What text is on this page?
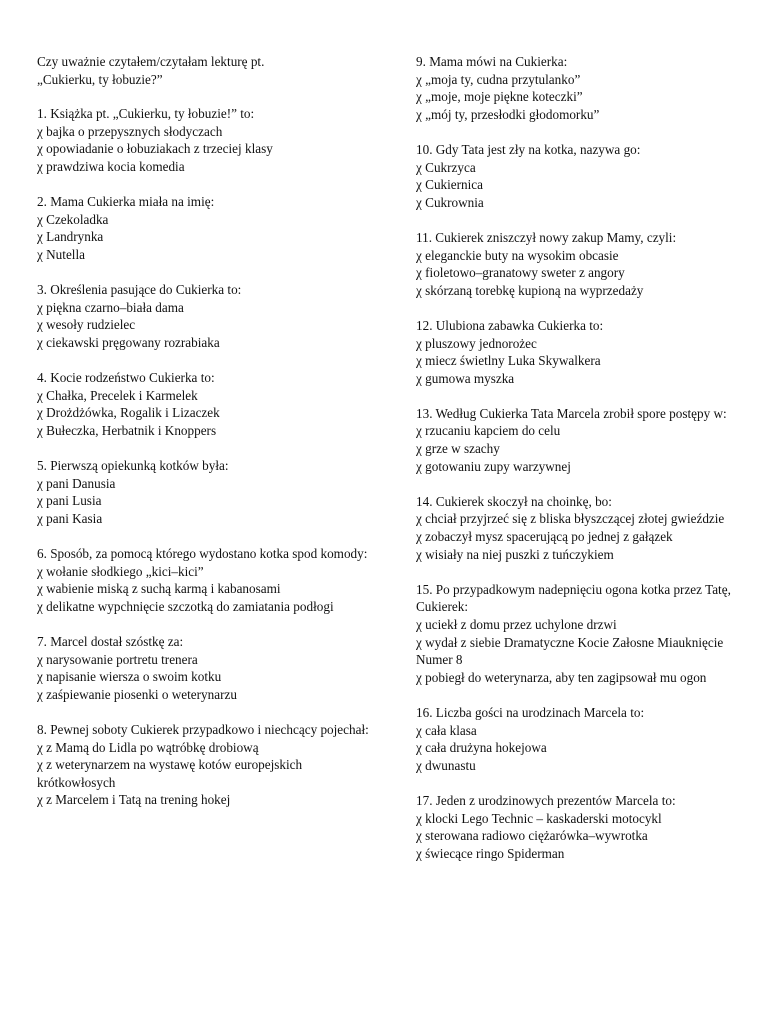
Czy uważnie czytałem/czytałam lekturę pt.
„Cukierku, ty łobuzie?”
1. Książka pt. „Cukierku, ty łobuzie!” to:
χ bajka o przepysznych słodyczach
χ opowiadanie o łobuziakach z trzeciej klasy
χ prawdziwa kocia komedia
2. Mama Cukierka miała na imię:
χ Czekoladka
χ Landrynka
χ Nutella
3. Określenia pasujące do Cukierka to:
χ piękna czarno–biała dama
χ wesoły rudzielec
χ ciekawski pręgowany rozrabiaka
4. Kocie rodzeństwo Cukierka to:
χ Chałka, Precelek i Karmelek
χ Drożdżówka, Rogalik i Lizaczek
χ Bułeczka, Herbatnik i Knoppers
5. Pierwszą opiekunką kotków była:
χ pani Danusia
χ pani Lusia
χ pani Kasia
6. Sposób, za pomocą którego wydostano kotka spod komody:
χ wołanie słodkiego „kici–kici”
χ wabienie miską z suchą karmą i kabanosami
χ delikatne wypchnięcie szczotką do zamiatania podłogi
7. Marcel dostał szóstkę za:
χ narysowanie portretu trenera
χ napisanie wiersza o swoim kotku
χ zaśpiewanie piosenki o weterynarzu
8. Pewnej soboty Cukierek przypadkowo i niechcący pojechał:
χ z Mamą do Lidla po wątróbkę drobiową
χ z weterynarzem na wystawę kotów europejskich krótkowłosych
χ z Marcelem i Tatą na trening hokej
9. Mama mówi na Cukierka:
χ „moja ty, cudna przytulanko”
χ „moje, moje piękne koteczki”
χ „mój ty, przesłodki głodomorku”
10. Gdy Tata jest zły na kotka, nazywa go:
χ Cukrzyca
χ Cukiernica
χ Cukrownia
11. Cukierek zniszczył nowy zakup Mamy, czyli:
χ eleganckie buty na wysokim obcasie
χ fioletowo–granatowy sweter z angory
χ skórzaną torebkę kupioną na wyprzedaży
12. Ulubiona zabawka Cukierka to:
χ pluszowy jednorożec
χ miecz świetlny Luka Skywalkera
χ gumowa myszka
13. Według Cukierka Tata Marcela zrobił spore postępy w:
χ rzucaniu kapciem do celu
χ grze w szachy
χ gotowaniu zupy warzywnej
14. Cukierek skoczył na choinkę, bo:
χ chciał przyjrzeć się z bliska błyszczącej złotej gwieździe
χ zobaczył mysz spacerującą po jednej z gałązek
χ wisiały na niej puszki z tuńczykiem
15. Po przypadkowym nadepnięciu ogona kotka przez Tatę, Cukierek:
χ uciekł z domu przez uchylone drzwi
χ wydał z siebie Dramatyczne Kocie Załosne Miauknięcie Numer 8
χ pobiegł do weterynarza, aby ten zagipsował mu ogon
16. Liczba gości na urodzinach Marcela to:
χ cała klasa
χ cała drużyna hokejowa
χ dwunastu
17. Jeden z urodzinowych prezentów Marcela to:
χ klocki Lego Technic – kaskaderski motocykl
χ sterowana radiowo ciężarówka–wywrotka
χ świecące ringo Spiderman
